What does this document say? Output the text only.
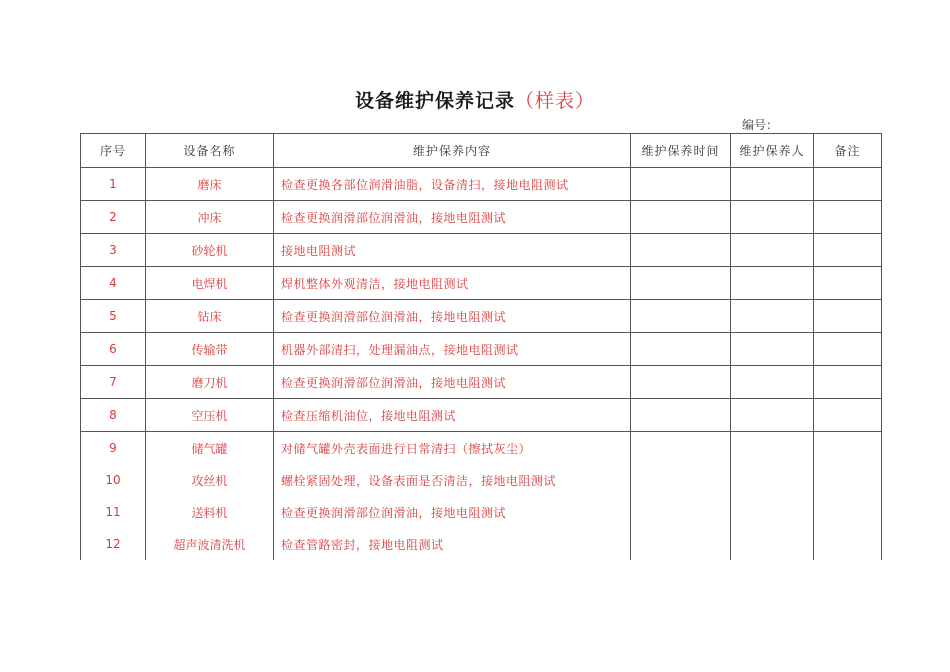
设备维护保养记录（样表）
编号：
序号	设备名称	维护保养内容	维护保养时间	维护保养人	备注
1	磨床	检查更换各部位润滑油脂，设备清扫，接地电阻测试			
2	冲床	检查更换润滑部位润滑油，接地电阻测试			
3	砂轮机	接地电阻测试			
4	电焊机	焊机整体外观清洁，接地电阻测试			
5	钻床	检查更换润滑部位润滑油，接地电阻测试			
6	传输带	机器外部清扫，处理漏油点，接地电阻测试			
7	磨刀机	检查更换润滑部位润滑油，接地电阻测试			
8	空压机	检查压缩机油位，接地电阻测试			
9	储气罐	对储气罐外壳表面进行日常清扫（擦拭灰尘）			
10	攻丝机	螺栓紧固处理，设备表面是否清洁，接地电阻测试			
11	送料机	检查更换润滑部位润滑油，接地电阻测试			
12	超声波清洗机	检查管路密封，接地电阻测试			
